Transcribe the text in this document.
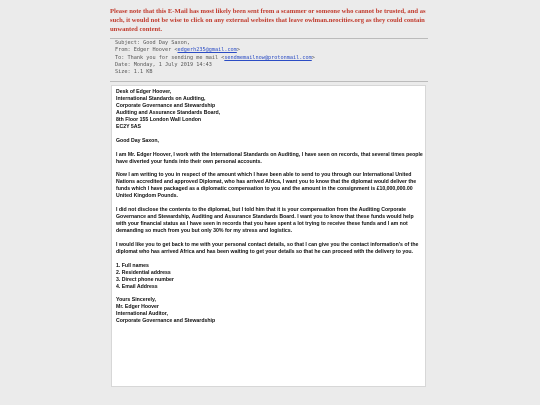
Please note that this E-Mail has most likely been sent from a scammer or someone who cannot be trusted, and as such, it would not be wise to click on any external websites that leave owlman.neocities.org as they could contain unwanted content.
Subject: Good Day Saxon,
From: Edger Hoover <edgerh235@gmail.com>
To: Thank you for sending me mail <sendmemailnow@protonmail.com>
Date: Monday, 1 July 2019 14:43
Size: 1.1 KB

Desk of Edger Hoover,

International Standards on Auditing,

Corporate Governance and Stewardship

Auditing and Assurance Standards Board,

8th Floor 155 London Wall London

EC2Y 5AS

Good Day Saxon,

I am Mr. Edger Hoover, I work with the International Standards on Auditing, I have seen on records, that several times people have diverted your funds into their own personal accounts.

Now I am writing to you in respect of the amount which I have been able to send to you through our International United Nations accredited and approved Diplomat, who has arrived Africa, I want you to know that the diplomat would deliver the funds which I have packaged as a diplomatic compensation to you and the amount in the consignment is £10,000,000.00 United Kingdom Pounds.

I did not disclose the contents to the diplomat, but I told him that it is your compensation from the Auditing Corporate Governance and Stewardship, Auditing and Assurance Standards Board. I want you to know that these funds would help with your financial status as I have seen in records that you have spent a lot trying to receive these funds and I am not demanding so much from you but only 30% for my stress and logistics.

I would like you to get back to me with your personal contact details, so that I can give you the contact information's of the diplomat who has arrived Africa and has been waiting to get your details so that he can proceed with the delivery to you.

1. Full names

2. Residential address

3. Direct phone number

4. Email Address

Yours Sincerely,

Mr. Edger Hoover

International Auditor,

Corporate Governance and Stewardship
